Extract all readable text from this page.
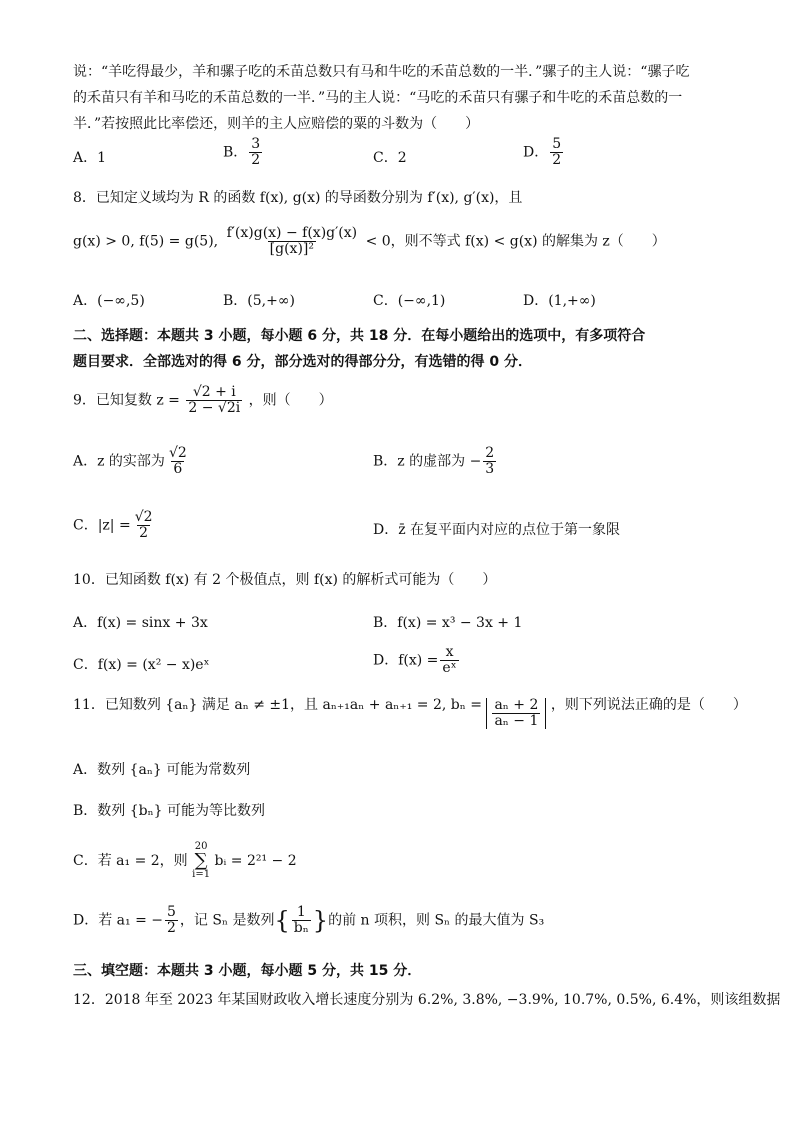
说：“羊吃得最少，羊和骡子吃的禾苗总数只有马和牛吃的禾苗总数的一半．”骡子的主人说：“骡子吃
的禾苗只有羊和马吃的禾苗总数的一半．”马的主人说：“马吃的禾苗只有骡子和牛吃的禾苗总数的一
半．”若按照此比率偿还，则羊的主人应赔偿的粟的斗数为（　　）
A．1	B． $\frac{3}{2}$	C．2	D． $\frac{5}{2}$
8．已知定义域均为 R 的函数 f(x), g(x) 的导函数分别为 f′(x), g′(x)，且
g(x) > 0, f(5) = g(5), $\frac{f'(x)g(x) - f(x)g'(x)}{\text{[g(x)]²}} < 0$，则不等式 f(x) < g(x) 的解集为 z（　　）
A．(−∞,5)	B．(5,+∞)	C．(−∞,1)	D．(1,+∞)
二、选择题：本题共 3 小题，每小题 6 分，共 18 分．在每小题给出的选项中，有多项符合
题目要求．全部选对的得 6 分，部分选对的得部分分，有选错的得 0 分．
9．已知复数 $z = \frac{√2 + i}{2 - √2i}$ ，则（　　）
A．z 的实部为 $\frac{√2}{6}$	B．z 的虚部为 − $\frac{2}{3}$
C．$|z| = \frac{√2}{2}$	D．z̄ 在复平面内对应的点位于第一象限
10．已知函数 f(x) 有 2 个极值点，则 f(x) 的解析式可能为（　　）
A．f(x) = sinx + 3x	B．f(x) = x³ − 3x + 1
C．f(x) = (x² − x)eˣ	D．$f(x) = \frac{x}{\text{eˣ}}$
11．已知数列 {aₙ} 满足 aₙ ≠ ±1，且 aₙ₊₁aₙ + aₙ₊₁ = 2, $b_n = \frac{\text{aₙ + 2}}{\text{aₙ − 1}}$ ，则下列说法正确的是（　　）
A．数列 {aₙ} 可能为常数列
B．数列 {bₙ} 可能为等比数列
C．若 a₁ = 2，则
20
∑
i=1
bᵢ = 2²¹ − 2
D．若 a₁ = − $\frac{5}{2}$ ，记 Sₙ 是数列{ $\frac{1}{\text{bₙ}}$ }的前 n 项积，则 Sₙ 的最大值为 S₃
三、填空题：本题共 3 小题，每小题 5 分，共 15 分．
12．2018 年至 2023 年某国财政收入增长速度分别为 6.2%, 3.8%, −3.9%, 10.7%, 0.5%, 6.4%，则该组数据
